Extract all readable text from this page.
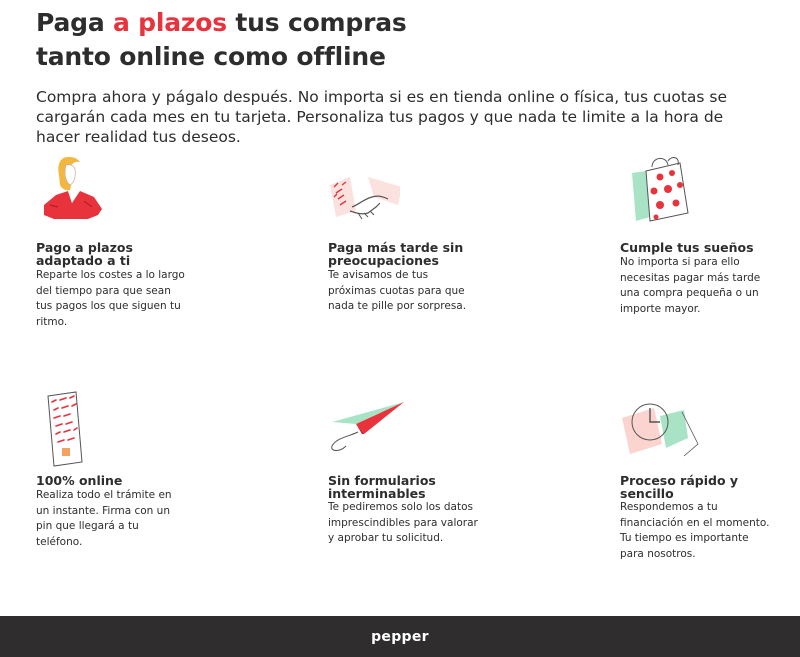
Paga a plazos tus compras
tanto online como offline

Compra ahora y págalo después. No importa si es en tienda online o física, tus cuotas se cargarán cada mes en tu tarjeta. Personaliza tus pagos y que nada te limite a la hora de hacer realidad tus deseos.

Pago a plazos adaptado a ti

Reparte los costes a lo largo del tiempo para que sean tus pagos los que siguen tu ritmo.

Paga más tarde sin preocupaciones

Te avisamos de tus próximas cuotas para que nada te pille por sorpresa.

Cumple tus sueños

No importa si para ello necesitas pagar más tarde una compra pequeña o un importe mayor.

100% online

Realiza todo el trámite en un instante. Firma con un pin que llegará a tu teléfono.

Sin formularios interminables

Te pediremos solo los datos imprescindibles para valorar y aprobar tu solicitud.

Proceso rápido y sencillo

Respondemos a tu financiación en el momento. Tu tiempo es importante para nosotros.

pepper
